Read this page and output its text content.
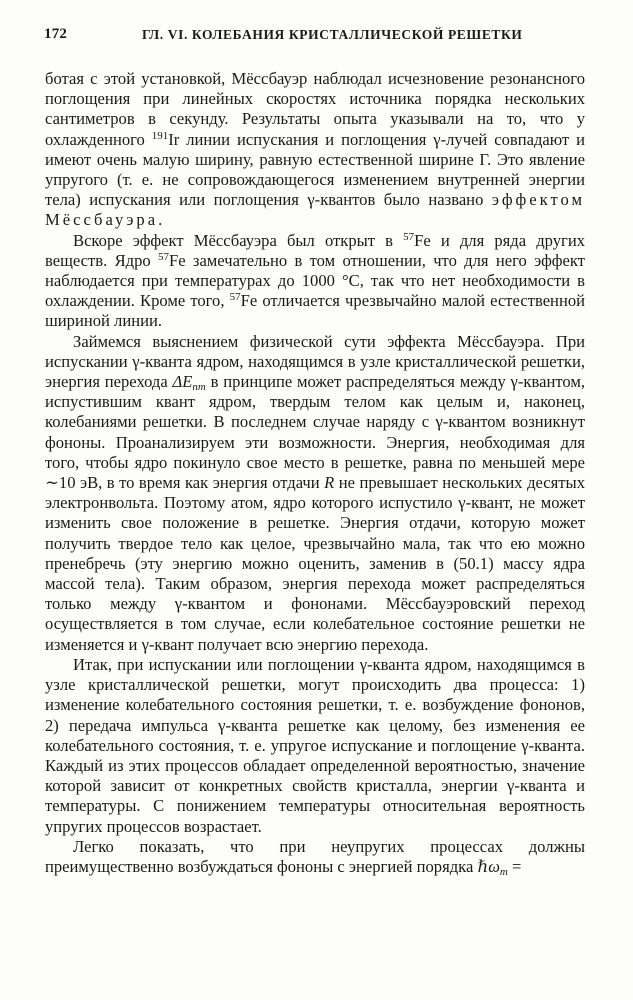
172	ГЛ. VI. КОЛЕБАНИЯ КРИСТАЛЛИЧЕСКОЙ РЕШЕТКИ

ботая с этой установкой, Мёссбауэр наблюдал исчезновение резонансного поглощения при линейных скоростях источника порядка нескольких сантиметров в секунду. Результаты опыта указывали на то, что у охлажденного $^{191}$Ir линии испускания и поглощения γ-лучей совпадают и имеют очень малую ширину, равную естественной ширине Г. Это явление упругого (т. е. не сопровождающегося изменением внутренней энергии тела) испускания или поглощения γ-квантов было названо эффектом Мёссбауэра.

Вскоре эффект Мёссбауэра был открыт в $^{57}$Fe и для ряда других веществ. Ядро $^{57}$Fe замечательно в том отношении, что для него эффект наблюдается при температурах до 1000 °С, так что нет необходимости в охлаждении. Кроме того, $^{57}$Fe отличается чрезвычайно малой естественной шириной линии.

Займемся выяснением физической сути эффекта Мёссбауэра. При испускании γ-кванта ядром, находящимся в узле кристаллической решетки, энергия перехода $\Delta E_{nm}$ в принципе может распределяться между γ-квантом, испустившим квант ядром, твердым телом как целым и, наконец, колебаниями решетки. В последнем случае наряду с γ-квантом возникнут фононы. Проанализируем эти возможности. Энергия, необходимая для того, чтобы ядро покинуло свое место в решетке, равна по меньшей мере ∼10 эВ, в то время как энергия отдачи R не превышает нескольких десятых электронвольта. Поэтому атом, ядро которого испустило γ-квант, не может изменить свое положение в решетке. Энергия отдачи, которую может получить твердое тело как целое, чрезвычайно мала, так что ею можно пренебречь (эту энергию можно оценить, заменив в (50.1) массу ядра массой тела). Таким образом, энергия перехода может распределяться только между γ-квантом и фононами. Мёссбауэровский переход осуществляется в том случае, если колебательное состояние решетки не изменяется и γ-квант получает всю энергию перехода.

Итак, при испускании или поглощении γ-кванта ядром, находящимся в узле кристаллической решетки, могут происходить два процесса: 1) изменение колебательного состояния решетки, т. е. возбуждение фононов, 2) передача импульса γ-кванта решетке как целому, без изменения ее колебательного состояния, т. е. упругое испускание и поглощение γ-кванта. Каждый из этих процессов обладает определенной вероятностью, значение которой зависит от конкретных свойств кристалла, энергии γ-кванта и температуры. С понижением температуры относительная вероятность упругих процессов возрастает.

Легко показать, что при неупругих процессах должны преимущественно возбуждаться фононы с энергией порядка ℏω$_m$ =
